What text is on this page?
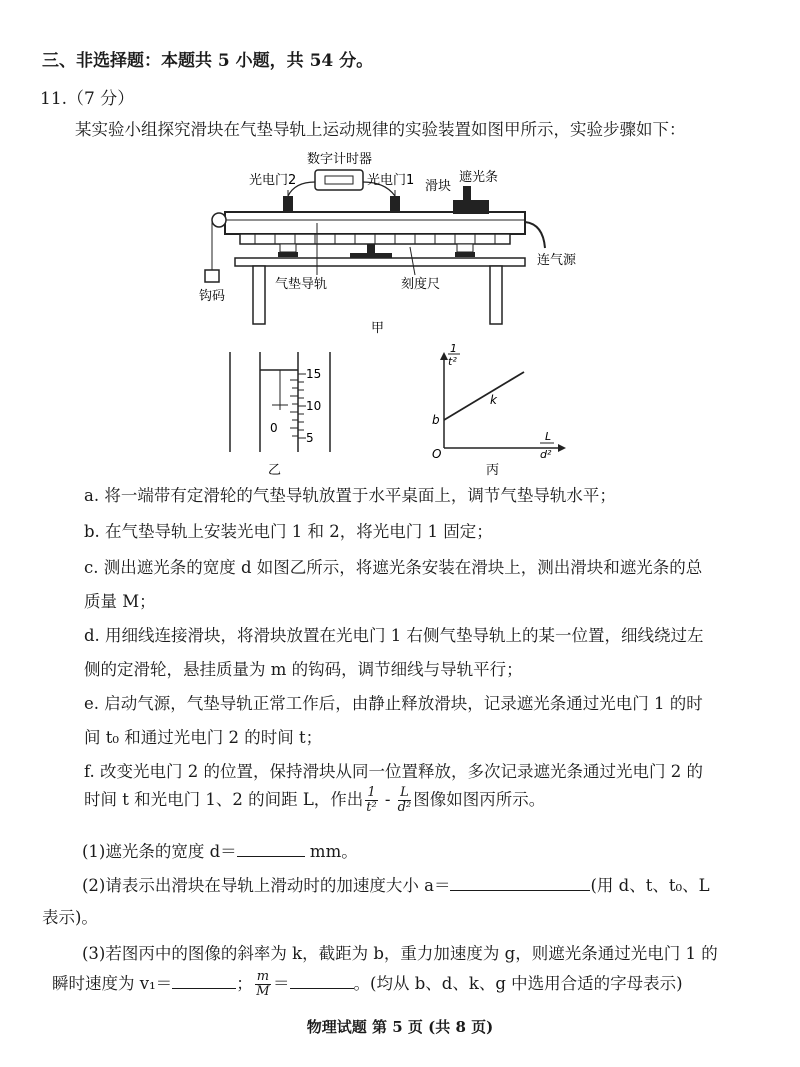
三、非选择题：本题共 5 小题，共 54 分。
11.（7 分）
某实验小组探究滑块在气垫导轨上运动规律的实验装置如图甲所示，实验步骤如下：
数字计时器
光电门2	光电门1 滑块
遮光条
连气源
气垫导轨	刻度尺
钩码
甲
0
15
10
5
乙
1
t²
L
d²
O
b
k
丙
a. 将一端带有定滑轮的气垫导轨放置于水平桌面上，调节气垫导轨水平；
b. 在气垫导轨上安装光电门 1 和 2，将光电门 1 固定；
c. 测出遮光条的宽度 d 如图乙所示，将遮光条安装在滑块上，测出滑块和遮光条的总
质量 M；
d. 用细线连接滑块，将滑块放置在光电门 1 右侧气垫导轨上的某一位置，细线绕过左
侧的定滑轮，悬挂质量为 m 的钩码，调节细线与导轨平行；
e. 启动气源，气垫导轨正常工作后，由静止释放滑块，记录遮光条通过光电门 1 的时
间 t₀ 和通过光电门 2 的时间 t；
f. 改变光电门 2 的位置，保持滑块从同一位置释放，多次记录遮光条通过光电门 2 的
时间 t 和光电门 1、2 的间距 L，作出 $\frac{1}{\text{t²}} - \frac{L}{\text{d²}}$ 图像如图丙所示。
(1)遮光条的宽度 d＝	mm。
(2)请表示出滑块在导轨上滑动时的加速度大小 a＝	(用 d、t、t₀、L
表示)。
(3)若图丙中的图像的斜率为 k，截距为 b，重力加速度为 g，则遮光条通过光电门 1 的
瞬时速度为 v₁＝	； $\frac{m}{M}$ ＝	。(均从 b、d、k、g 中选用合适的字母表示)
物理试题 第 5 页 (共 8 页)
